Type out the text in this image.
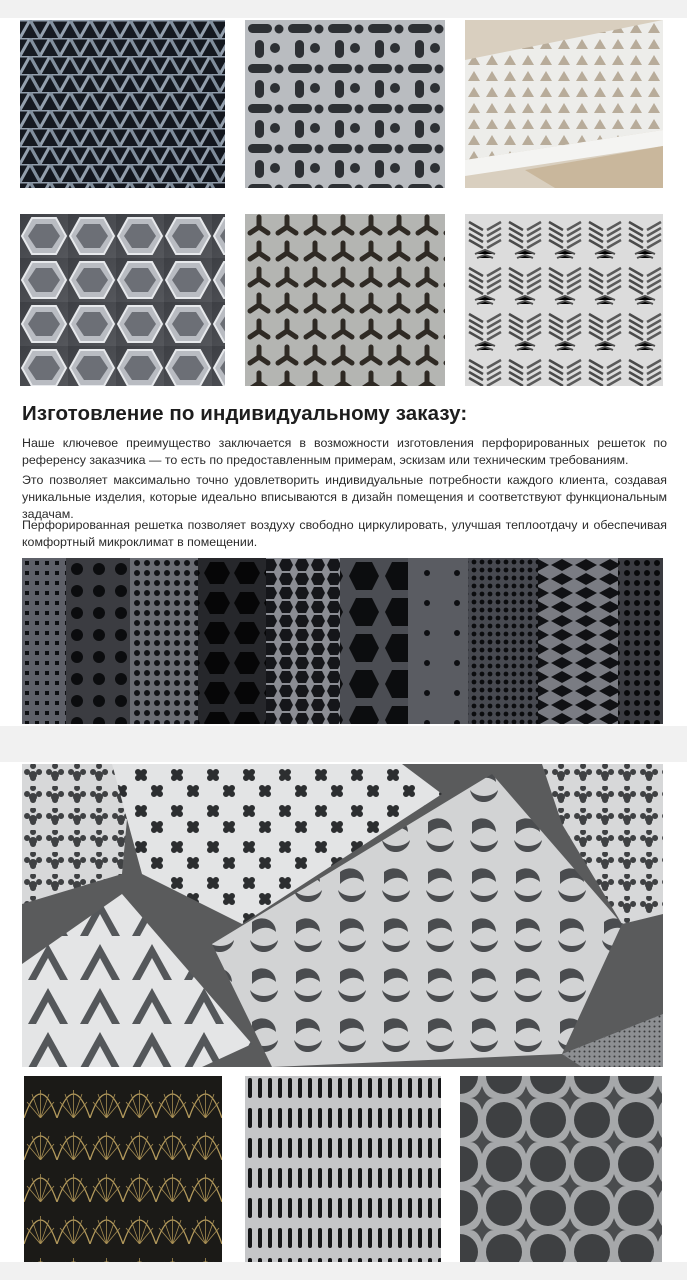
Изготовление по индивидуальному заказу:

Наше ключевое преимущество заключается в возможности изготовления перфорированных решеток по референсу заказчика — то есть по предоставленным примерам, эскизам или техническим требованиям.

Это позволяет максимально точно удовлетворить индивидуальные потребности каждого клиента, создавая уникальные изделия, которые идеально вписываются в дизайн помещения и соответствуют функциональным задачам.

Перфорированная решетка позволяет воздуху свободно циркулировать, улучшая теплоотдачу и обеспечивая комфортный микроклимат в помещении.
